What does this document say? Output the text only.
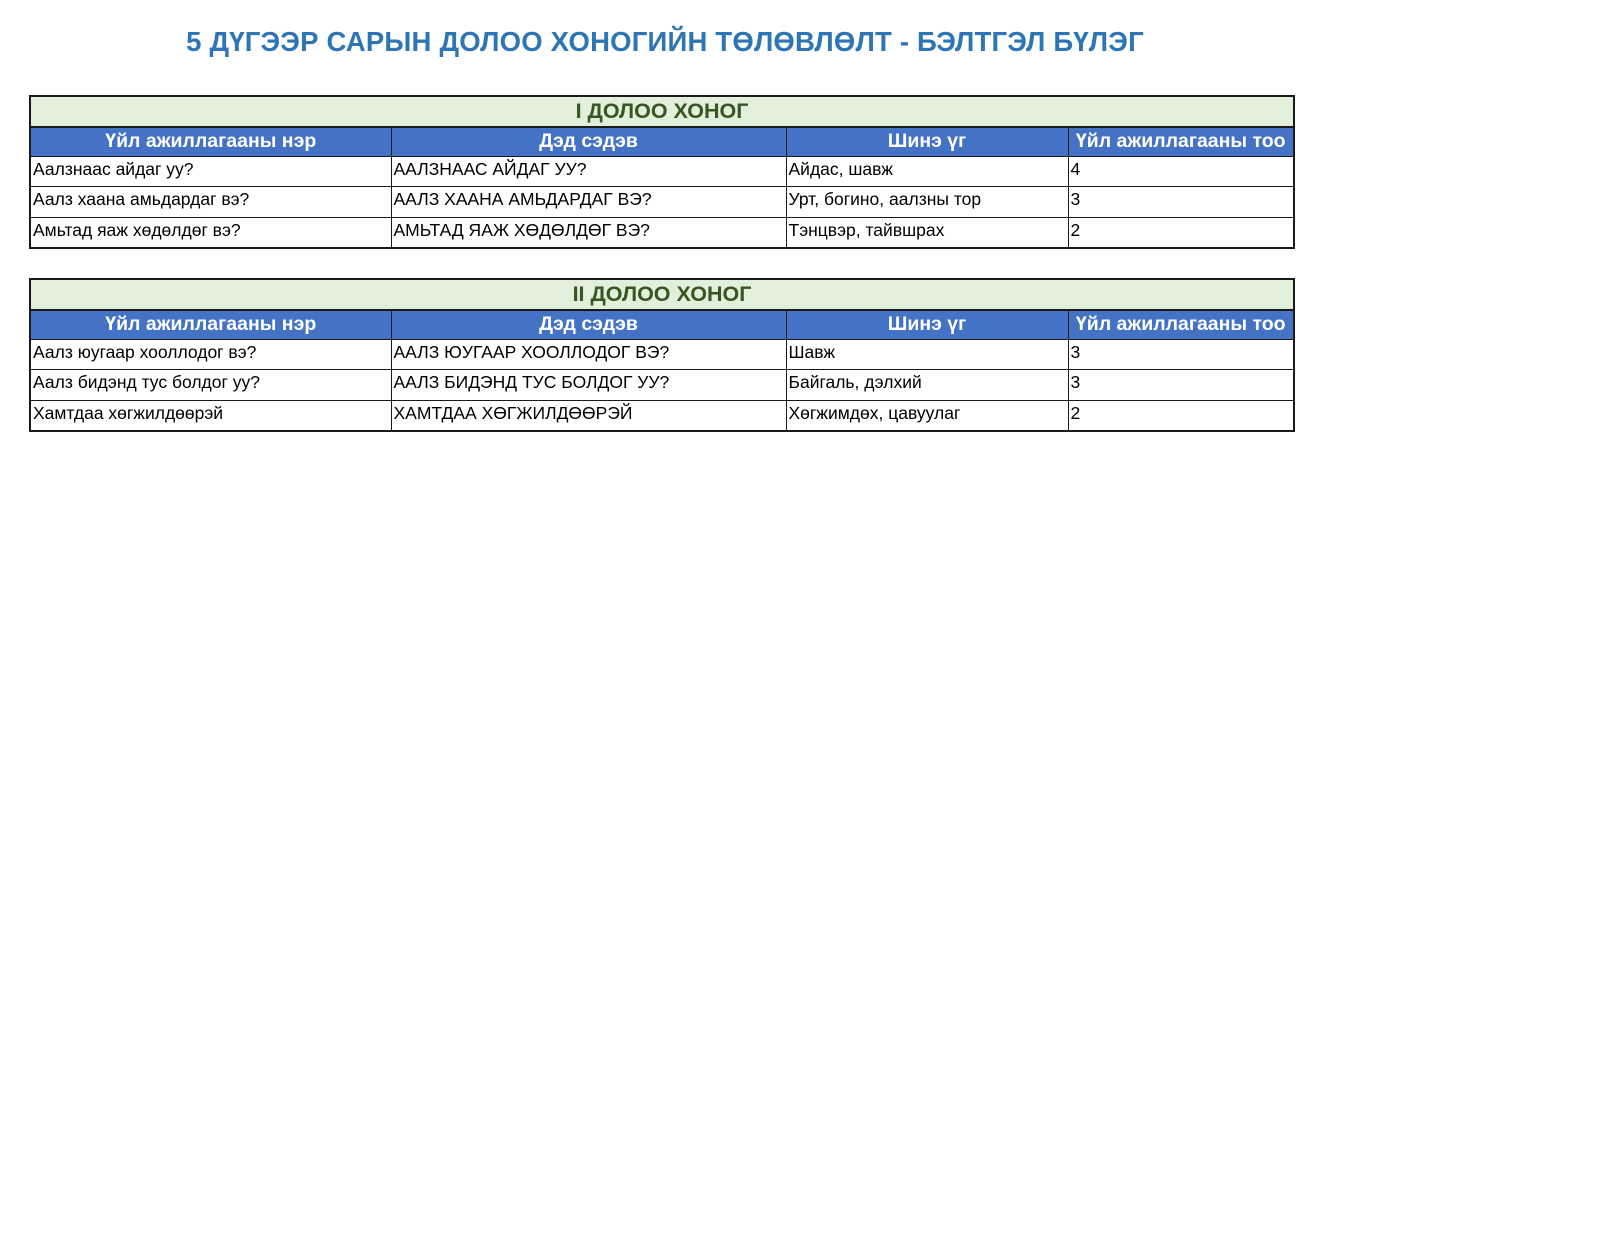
5 ДҮГЭЭР САРЫН ДОЛОО ХОНОГИЙН ТӨЛӨВЛӨЛТ - БЭЛТГЭЛ БҮЛЭГ
I ДОЛОО ХОНОГ			
Үйл ажиллагааны нэр	Дэд сэдэв	Шинэ үг	Үйл ажиллагааны тоо
Аалзнаас айдаг уу?	ААЛЗНААС АЙДАГ УУ?	Айдас, шавж	4
Аалз хаана амьдардаг вэ?	ААЛЗ ХААНА АМЬДАРДАГ ВЭ?	Урт, богино, аалзны тор	3
Амьтад яаж хөдөлдөг вэ?	АМЬТАД ЯАЖ ХӨДӨЛДӨГ ВЭ?	Тэнцвэр, тайвшрах	2
II ДОЛОО ХОНОГ			
Үйл ажиллагааны нэр	Дэд сэдэв	Шинэ үг	Үйл ажиллагааны тоо
Аалз юугаар хооллодог вэ?	ААЛЗ ЮУГААР ХООЛЛОДОГ ВЭ?	Шавж	3
Аалз бидэнд тус болдог уу?	ААЛЗ БИДЭНД ТУС БОЛДОГ УУ?	Байгаль, дэлхий	3
Хамтдаа хөгжилдөөрэй	ХАМТДАА ХӨГЖИЛДӨӨРЭЙ	Хөгжимдөх, цавуулаг	2
